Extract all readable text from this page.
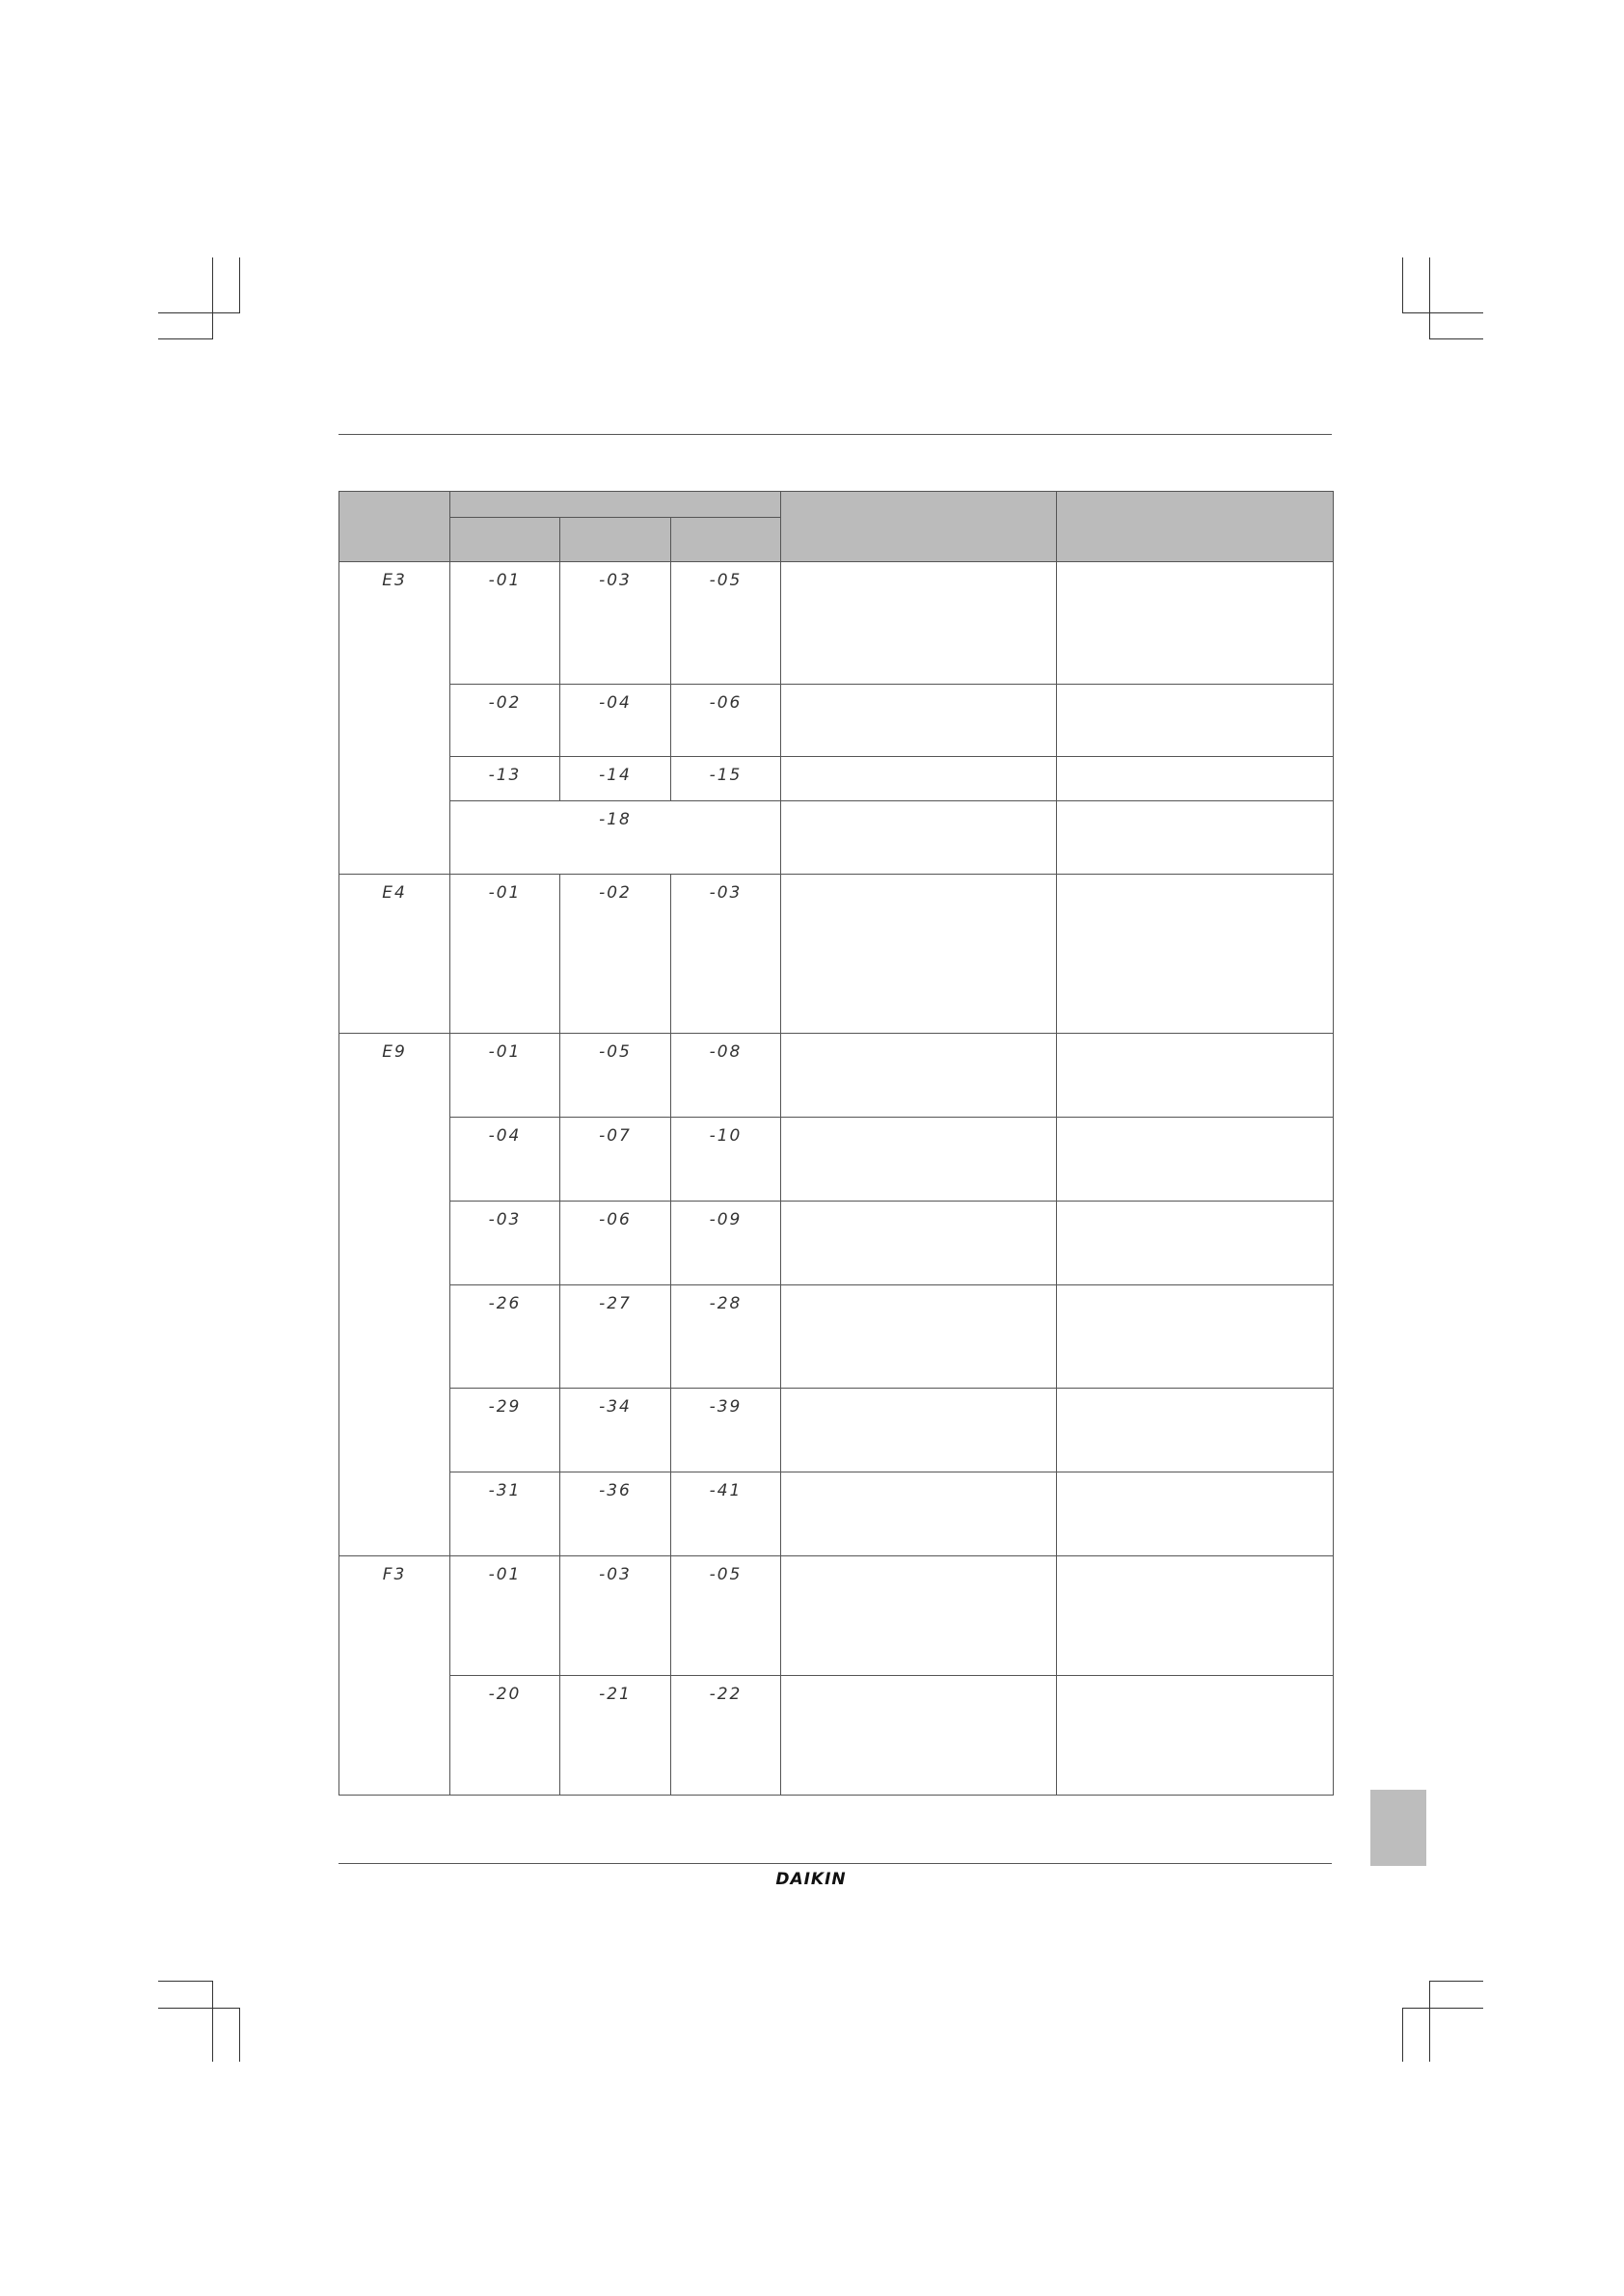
E3	-01	-03	-05		

	-02	-04	-06		

	-13	-14	-15		

	-18				

E4	-01	-02	-03		

E9	-01	-05	-08		

	-04	-07	-10		

	-03	-06	-09		

	-26	-27	-28		

	-29	-34	-39		

	-31	-36	-41		

F3	-01	-03	-05		

	-20	-21	-22		

DAIKIN
